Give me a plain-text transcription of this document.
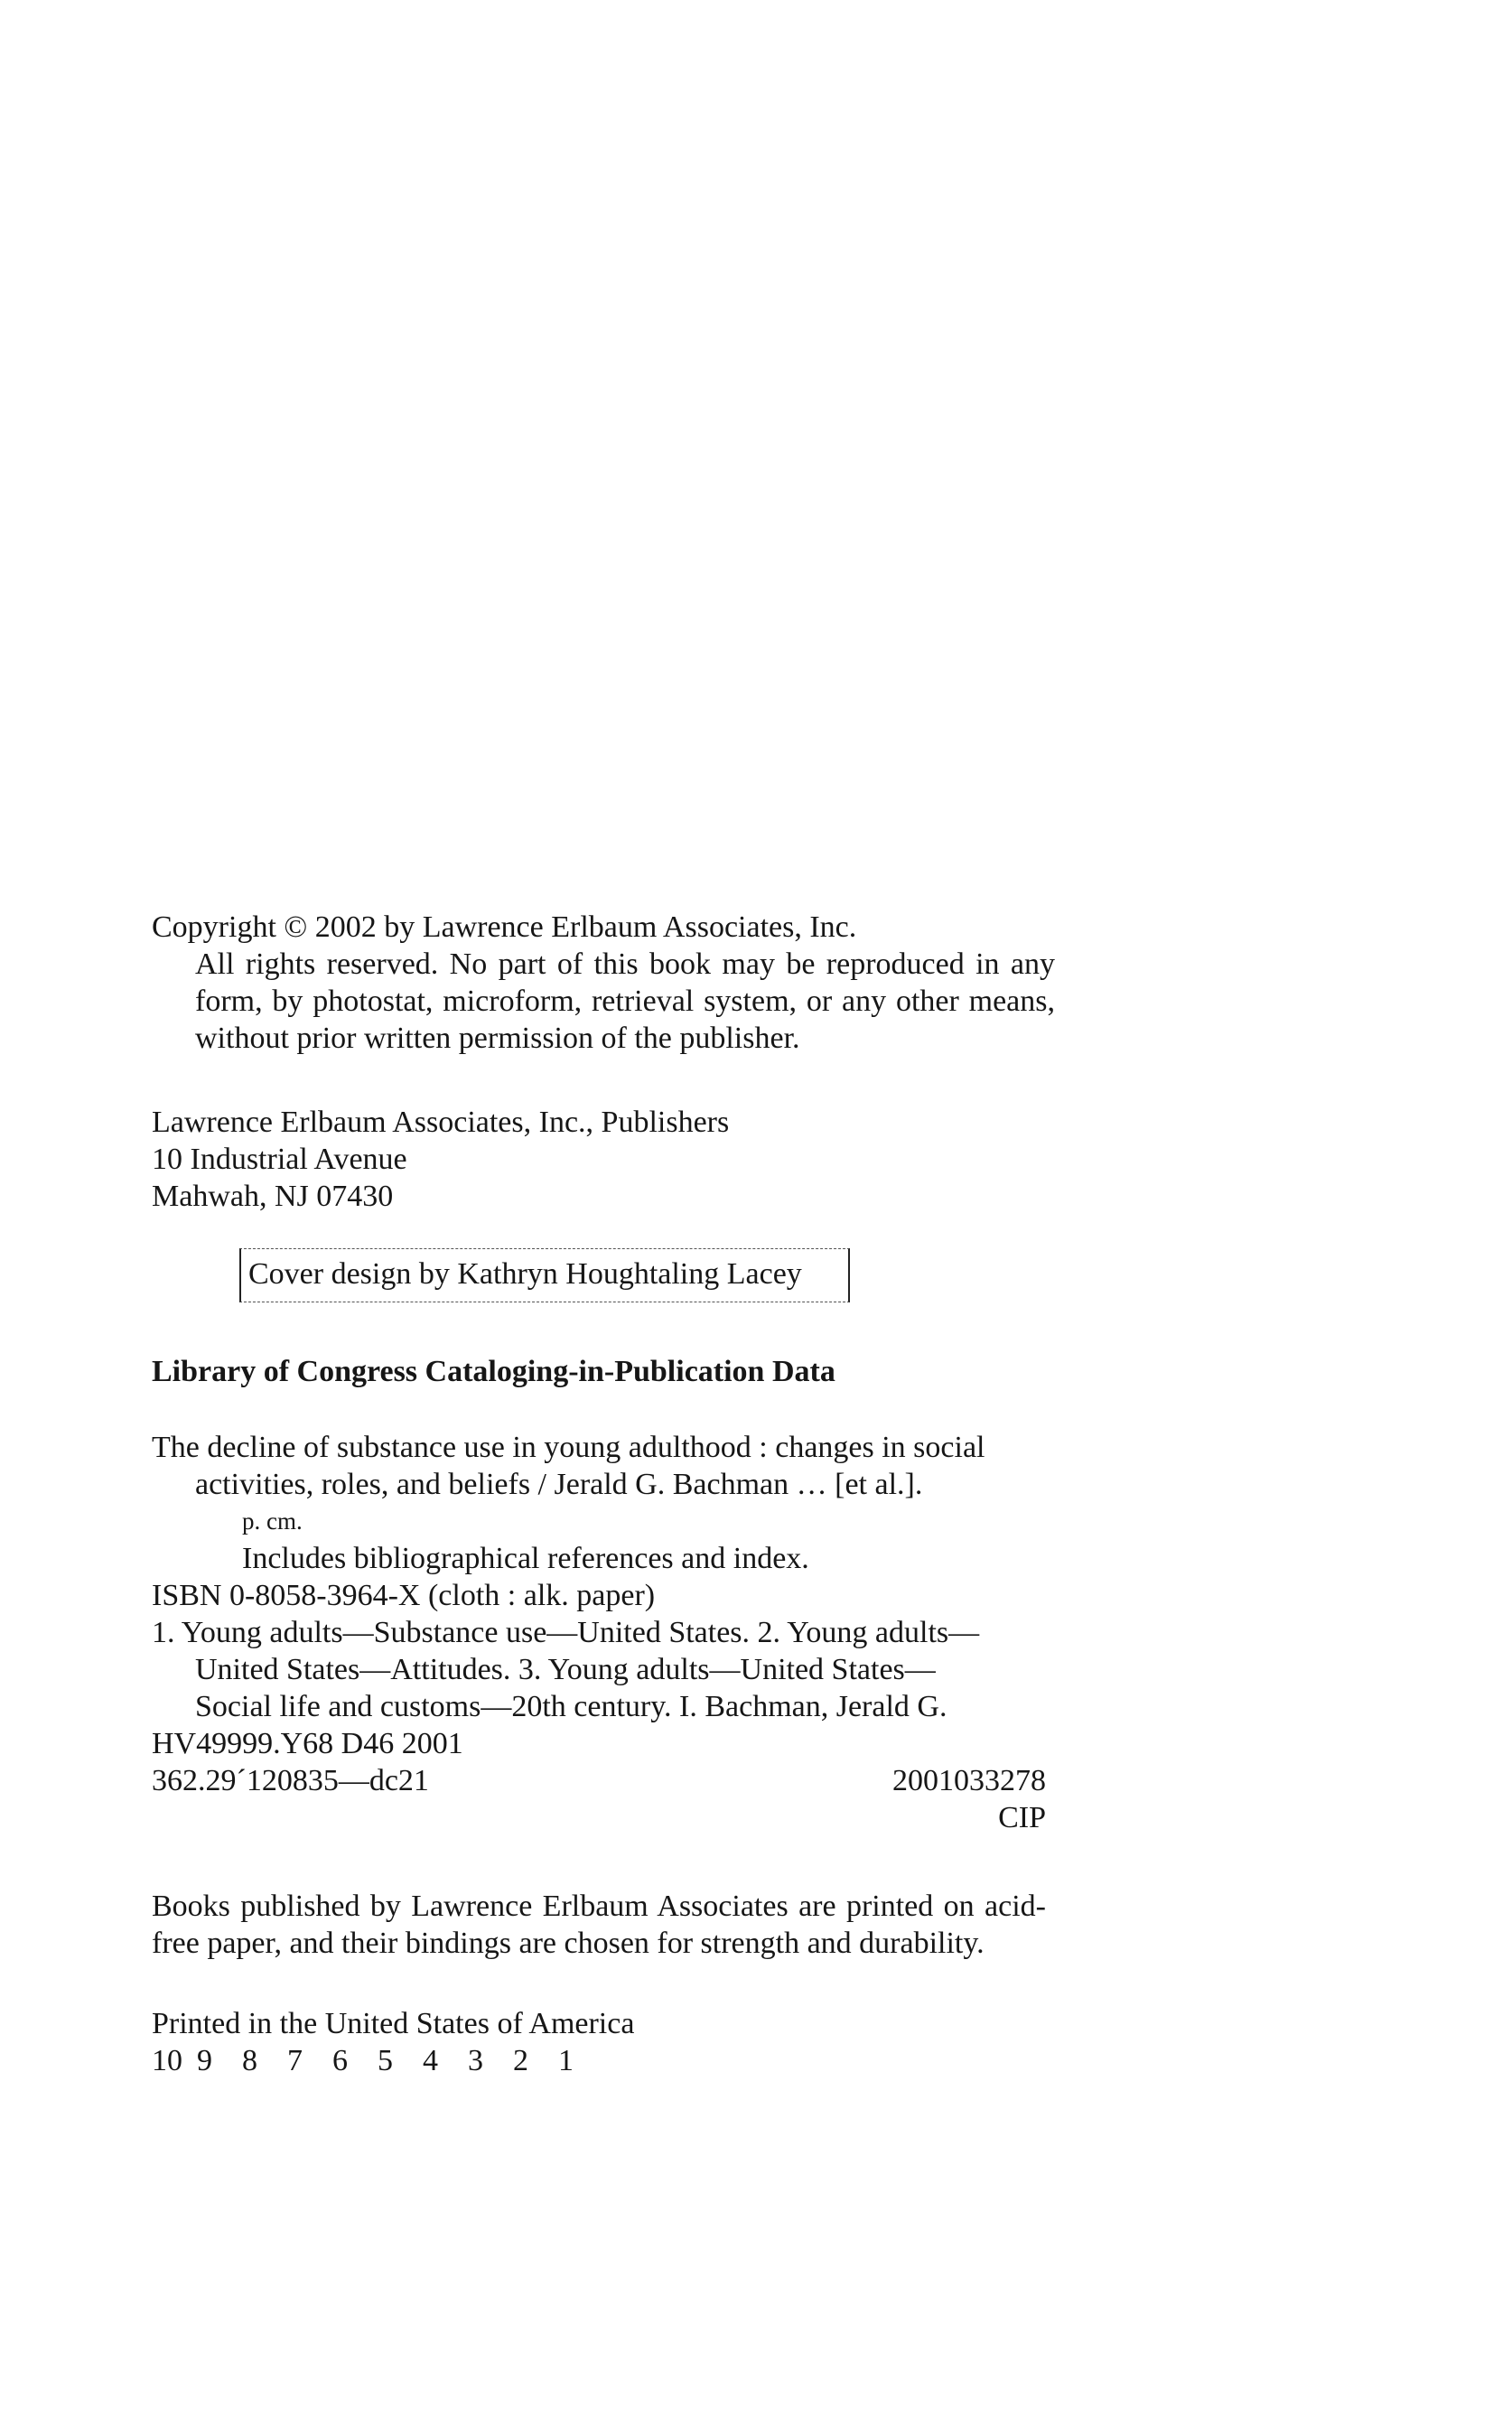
Copyright © 2002 by Lawrence Erlbaum Associates, Inc.
All rights reserved. No part of this book may be reproduced in any form, by photostat, microform, retrieval system, or any other means, without prior written permission of the publisher.
Lawrence Erlbaum Associates, Inc., Publishers
10 Industrial Avenue
Mahwah, NJ 07430
Cover design by Kathryn Houghtaling Lacey
Library of Congress Cataloging-in-Publication Data
The decline of substance use in young adulthood : changes in social
activities, roles, and beliefs / Jerald G. Bachman … [et al.].
p. cm.
Includes bibliographical references and index.
ISBN 0-8058-3964-X (cloth : alk. paper)
1. Young adults—Substance use—United States. 2. Young adults—
United States—Attitudes. 3. Young adults—United States—
Social life and customs—20th century. I. Bachman, Jerald G.
HV49999.Y68 D46 2001
362.29´120835—dc21	2001033278
CIP
Books published by Lawrence Erlbaum Associates are printed on acid-free paper, and their bindings are chosen for strength and durability.
Printed in the United States of America
10 9 8 7 6 5 4 3 2 1
